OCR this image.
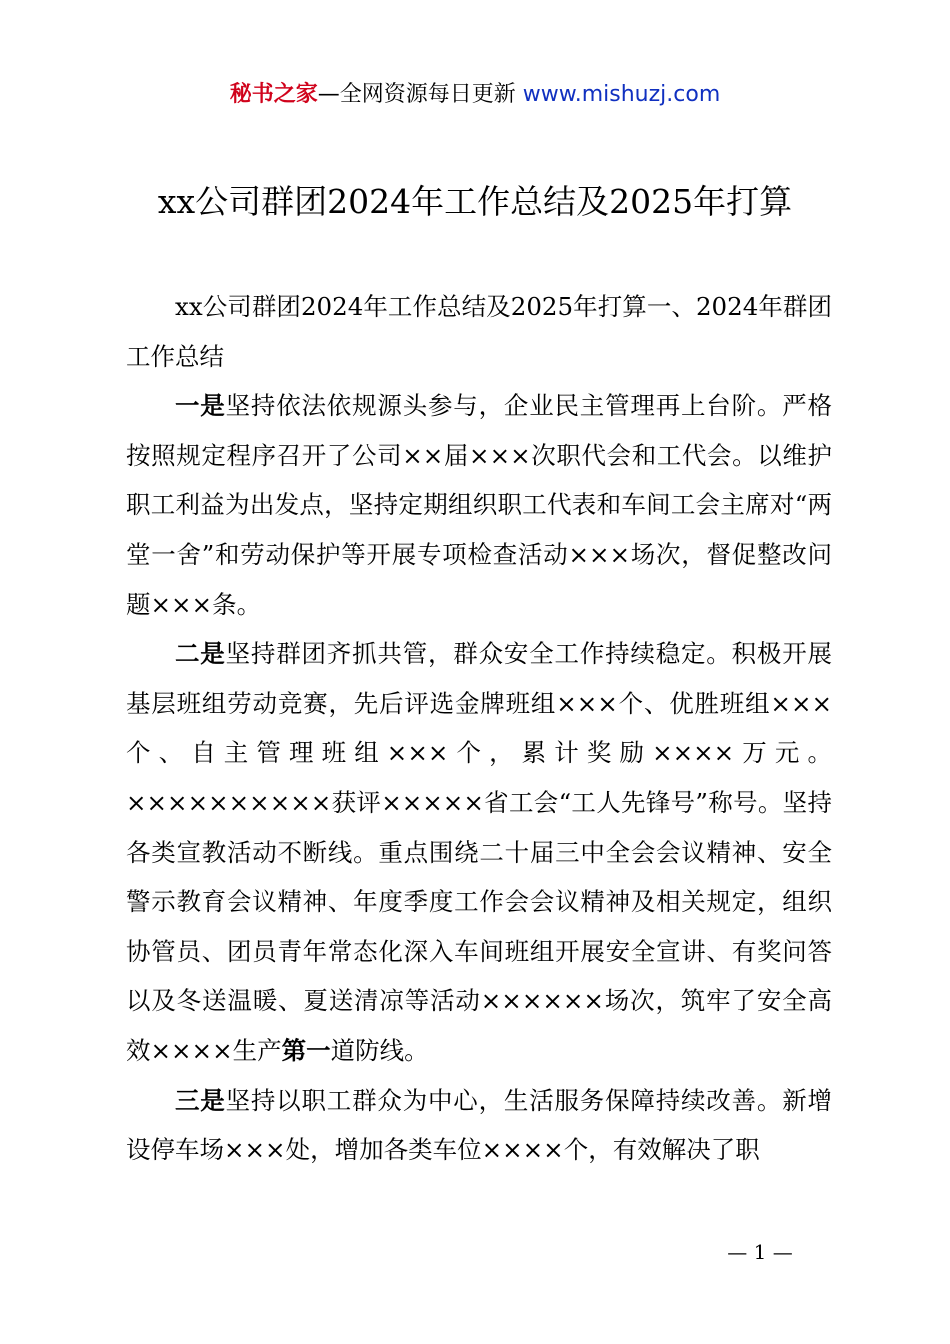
秘书之家—全网资源每日更新 www.mishuzj.com
xx公司群团2024年工作总结及2025年打算

xx公司群团2024年工作总结及2025年打算一、2024年群团工作总结

一是坚持依法依规源头参与，企业民主管理再上台阶。严格按照规定程序召开了公司××届×××次职代会和工代会。以维护职工利益为出发点，坚持定期组织职工代表和车间工会主席对“两堂一舍”和劳动保护等开展专项检查活动×××场次，督促整改问题×××条。

二是坚持群团齐抓共管，群众安全工作持续稳定。积极开展基层班组劳动竞赛，先后评选金牌班组×××个、优胜班组×××个、自主管理班组×××个，累计奖励××××万元。××××××××××获评×××××省工会“工人先锋号”称号。坚持各类宣教活动不断线。重点围绕二十届三中全会会议精神、安全警示教育会议精神、年度季度工作会会议精神及相关规定，组织协管员、团员青年常态化深入车间班组开展安全宣讲、有奖问答以及冬送温暖、夏送清凉等活动××××××场次，筑牢了安全高效××××生产第一道防线。

三是坚持以职工群众为中心，生活服务保障持续改善。新增设停车场×××处，增加各类车位××××个，有效解决了职

— 1 —
